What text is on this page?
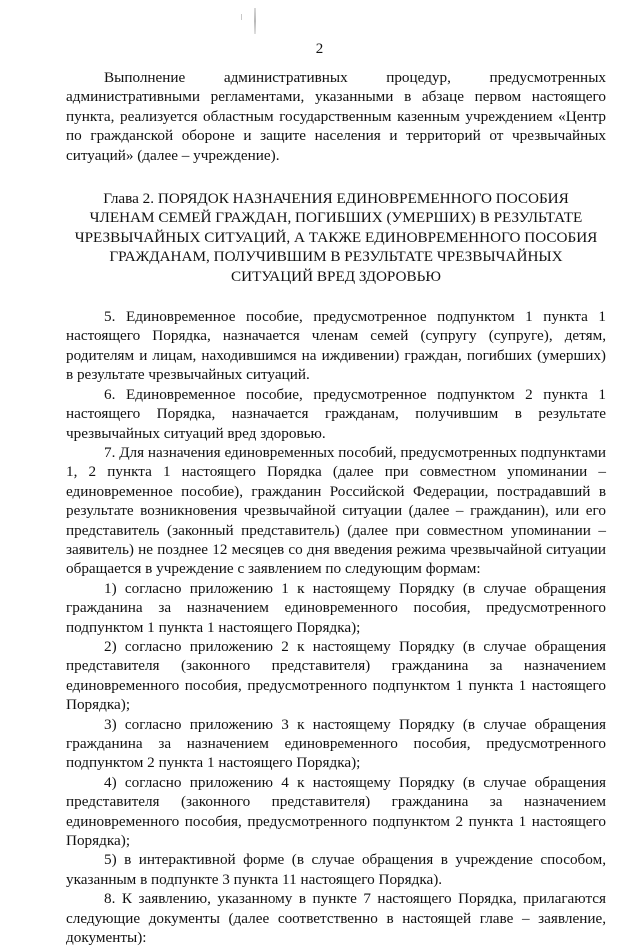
2

Выполнение административных процедур, предусмотренных административными регламентами, указанными в абзаце первом настоящего пункта, реализуется областным государственным казенным учреждением «Центр по гражданской обороне и защите населения и территорий от чрезвычайных ситуаций» (далее – учреждение).

Глава 2. ПОРЯДОК НАЗНАЧЕНИЯ ЕДИНОВРЕМЕННОГО ПОСОБИЯ
ЧЛЕНАМ СЕМЕЙ ГРАЖДАН, ПОГИБШИХ (УМЕРШИХ) В РЕЗУЛЬТАТЕ
ЧРЕЗВЫЧАЙНЫХ СИТУАЦИЙ, А ТАКЖЕ ЕДИНОВРЕМЕННОГО ПОСОБИЯ
ГРАЖДАНАМ, ПОЛУЧИВШИМ В РЕЗУЛЬТАТЕ ЧРЕЗВЫЧАЙНЫХ
СИТУАЦИЙ ВРЕД ЗДОРОВЬЮ

5. Единовременное пособие, предусмотренное подпунктом 1 пункта 1 настоящего Порядка, назначается членам семей (супругу (супруге), детям, родителям и лицам, находившимся на иждивении) граждан, погибших (умерших) в результате чрезвычайных ситуаций.

6. Единовременное пособие, предусмотренное подпунктом 2 пункта 1 настоящего Порядка, назначается гражданам, получившим в результате чрезвычайных ситуаций вред здоровью.

7. Для назначения единовременных пособий, предусмотренных подпунктами 1, 2 пункта 1 настоящего Порядка (далее при совместном упоминании – единовременное пособие), гражданин Российской Федерации, пострадавший в результате возникновения чрезвычайной ситуации (далее – гражданин), или его представитель (законный представитель) (далее при совместном упоминании – заявитель) не позднее 12 месяцев со дня введения режима чрезвычайной ситуации обращается в учреждение с заявлением по следующим формам:

1) согласно приложению 1 к настоящему Порядку (в случае обращения гражданина за назначением единовременного пособия, предусмотренного подпунктом 1 пункта 1 настоящего Порядка);

2) согласно приложению 2 к настоящему Порядку (в случае обращения представителя (законного представителя) гражданина за назначением единовременного пособия, предусмотренного подпунктом 1 пункта 1 настоящего Порядка);

3) согласно приложению 3 к настоящему Порядку (в случае обращения гражданина за назначением единовременного пособия, предусмотренного подпунктом 2 пункта 1 настоящего Порядка);

4) согласно приложению 4 к настоящему Порядку (в случае обращения представителя (законного представителя) гражданина за назначением единовременного пособия, предусмотренного подпунктом 2 пункта 1 настоящего Порядка);

5) в интерактивной форме (в случае обращения в учреждение способом, указанным в подпункте 3 пункта 11 настоящего Порядка).

8. К заявлению, указанному в пункте 7 настоящего Порядка, прилагаются следующие документы (далее соответственно в настоящей главе – заявление, документы):
